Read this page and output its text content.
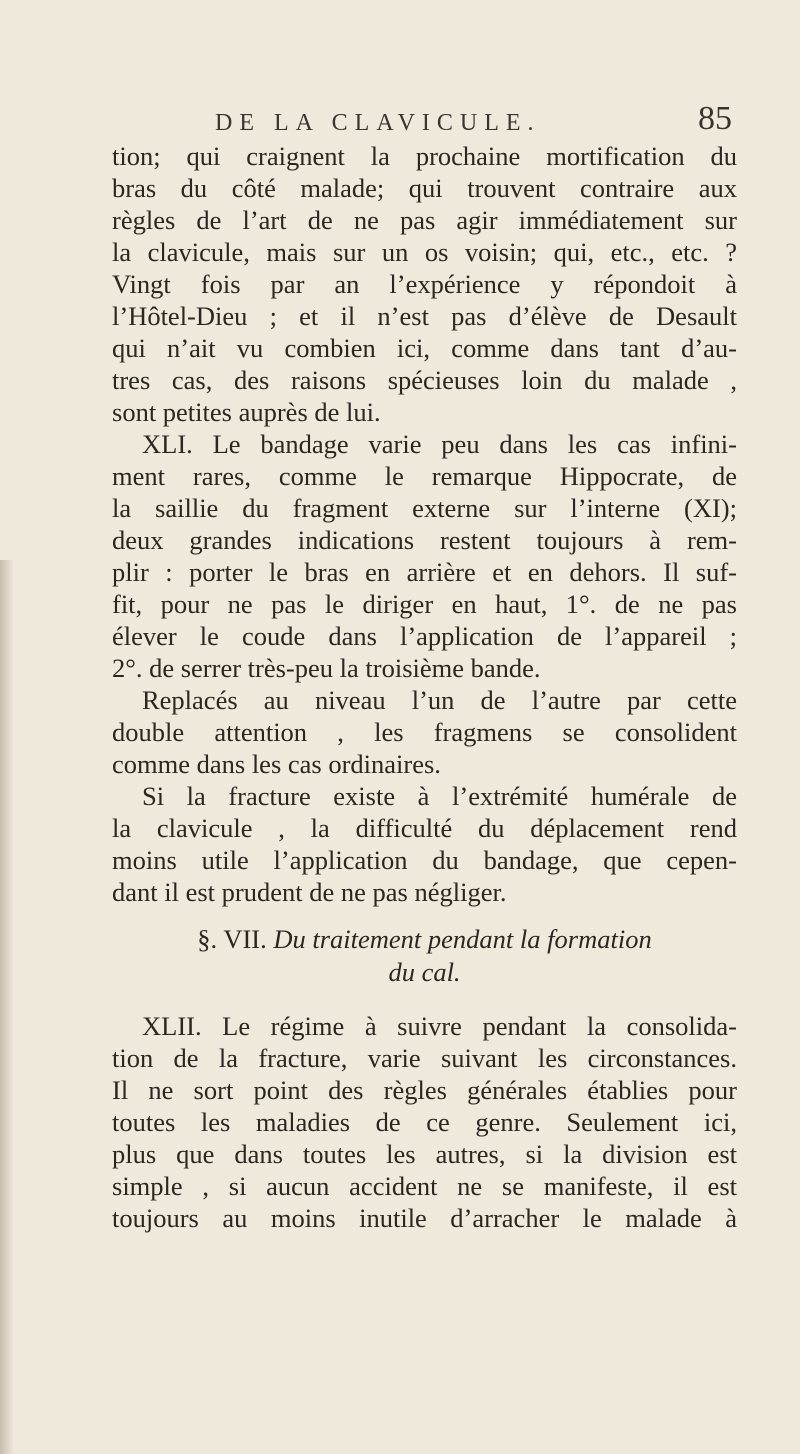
DE LA CLAVICULE.	85
tion; qui craignent la prochaine mortification du
bras du côté malade; qui trouvent contraire aux
règles de l’art de ne pas agir immédiatement sur
la clavicule, mais sur un os voisin; qui, etc., etc. ?
Vingt fois par an l’expérience y répondoit à
l’Hôtel-Dieu ; et il n’est pas d’élève de Desault
qui n’ait vu combien ici, comme dans tant d’au-
tres cas, des raisons spécieuses loin du malade ,
sont petites auprès de lui.
XLI. Le bandage varie peu dans les cas infini-
ment rares, comme le remarque Hippocrate, de
la saillie du fragment externe sur l’interne (XI);
deux grandes indications restent toujours à rem-
plir : porter le bras en arrière et en dehors. Il suf-
fit, pour ne pas le diriger en haut, 1°. de ne pas
élever le coude dans l’application de l’appareil ;
2°. de serrer très-peu la troisième bande.
Replacés au niveau l’un de l’autre par cette
double attention , les fragmens se consolident
comme dans les cas ordinaires.
Si la fracture existe à l’extrémité humérale de
la clavicule , la difficulté du déplacement rend
moins utile l’application du bandage, que cepen-
dant il est prudent de ne pas négliger.
§. VII. Du traitement pendant la formation
du cal.
XLII. Le régime à suivre pendant la consolida-
tion de la fracture, varie suivant les circonstances.
Il ne sort point des règles générales établies pour
toutes les maladies de ce genre. Seulement ici,
plus que dans toutes les autres, si la division est
simple , si aucun accident ne se manifeste, il est
toujours au moins inutile d’arracher le malade à
